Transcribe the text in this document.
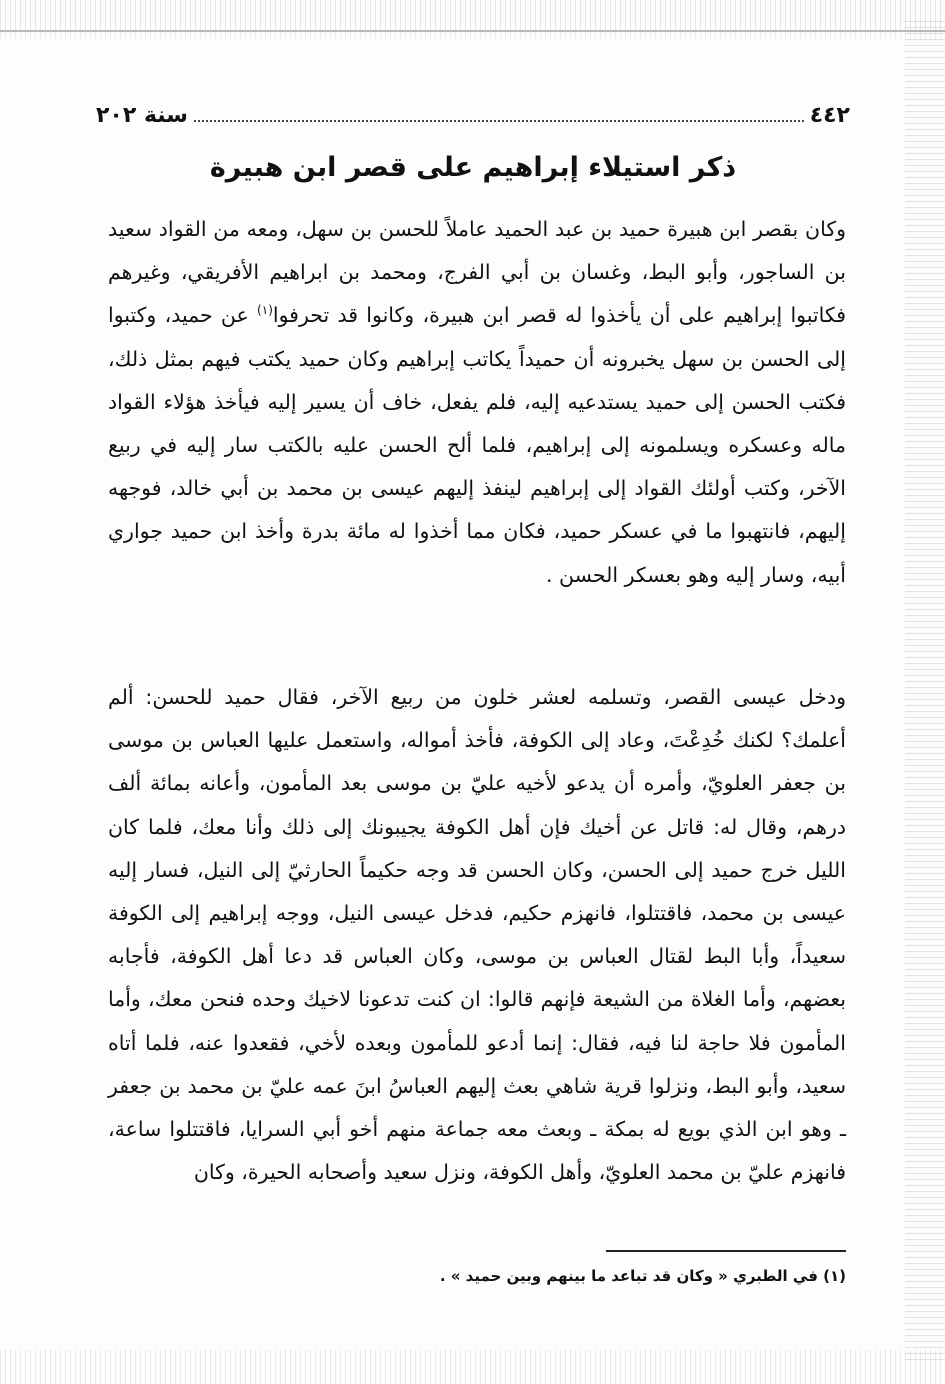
٤٤٢
سنة ٢٠٢
ذكر استيلاء إبراهيم على قصر ابن هبيرة

وكان بقصر ابن هبيرة حميد بن عبد الحميد عاملاً للحسن بن سهل، ومعه من القواد سعيد بن الساجور، وأبو البط، وغسان بن أبي الفرج، ومحمد بن ابراهيم الأفريقي، وغيرهم فكاتبوا إبراهيم على أن يأخذوا له قصر ابن هبيرة، وكانوا قد تحرفوا$^{(١)}$ عن حميد، وكتبوا إلى الحسن بن سهل يخبرونه أن حميداً يكاتب إبراهيم وكان حميد يكتب فيهم بمثل ذلك، فكتب الحسن إلى حميد يستدعيه إليه، فلم يفعل، خاف أن يسير إليه فيأخذ هؤلاء القواد ماله وعسكره ويسلمونه إلى إبراهيم، فلما ألح الحسن عليه بالكتب سار إليه في ربيع الآخر، وكتب أولئك القواد إلى إبراهيم لينفذ إليهم عيسى بن محمد بن أبي خالد، فوجهه إليهم، فانتهبوا ما في عسكر حميد، فكان مما أخذوا له مائة بدرة وأخذ ابن حميد جواري أبيه، وسار إليه وهو بعسكر الحسن .

ودخل عيسى القصر، وتسلمه لعشر خلون من ربيع الآخر، فقال حميد للحسن: ألم أعلمك؟ لكنك خُدِعْتَ، وعاد إلى الكوفة، فأخذ أمواله، واستعمل عليها العباس بن موسى بن جعفر العلويّ، وأمره أن يدعو لأخيه عليّ بن موسى بعد المأمون، وأعانه بمائة ألف درهم، وقال له: قاتل عن أخيك فإن أهل الكوفة يجيبونك إلى ذلك وأنا معك، فلما كان الليل خرج حميد إلى الحسن، وكان الحسن قد وجه حكيماً الحارثيّ إلى النيل، فسار إليه عيسى بن محمد، فاقتتلوا، فانهزم حكيم، فدخل عيسى النيل، ووجه إبراهيم إلى الكوفة سعيداً، وأبا البط لقتال العباس بن موسى، وكان العباس قد دعا أهل الكوفة، فأجابه بعضهم، وأما الغلاة من الشيعة فإنهم قالوا: ان كنت تدعونا لاخيك وحده فنحن معك، وأما المأمون فلا حاجة لنا فيه، فقال: إنما أدعو للمأمون وبعده لأخي، فقعدوا عنه، فلما أتاه سعيد، وأبو البط، ونزلوا قرية شاهي بعث إليهم العباسُ ابنَ عمه عليّ بن محمد بن جعفر ـ وهو ابن الذي بويع له بمكة ـ وبعث معه جماعة منهم أخو أبي السرايا، فاقتتلوا ساعة، فانهزم عليّ بن محمد العلويّ، وأهل الكوفة، ونزل سعيد وأصحابه الحيرة، وكان

(١) في الطبري « وكان قد تباعد ما بينهم وبين حميد » .
